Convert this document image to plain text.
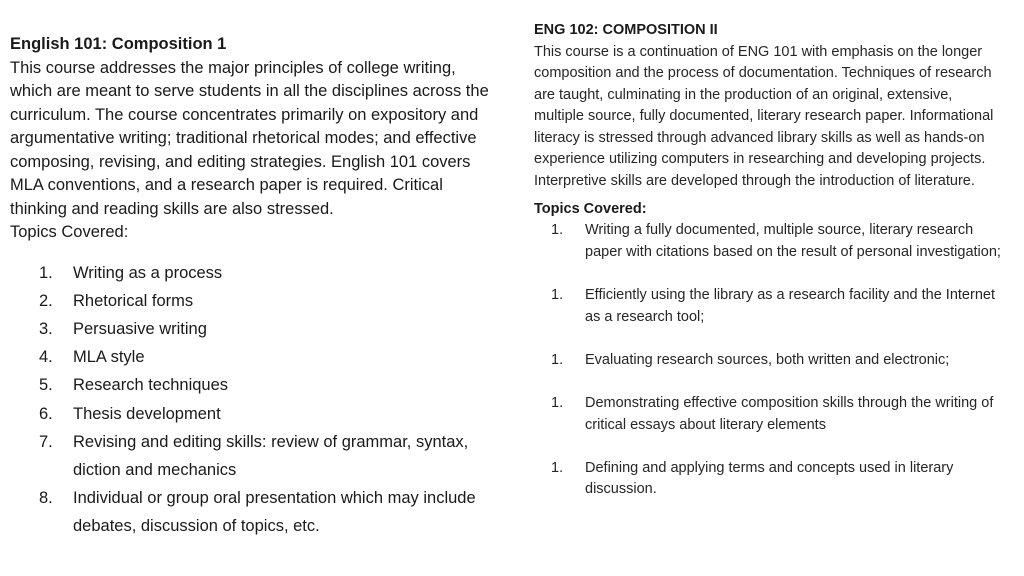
English 101: Composition 1
This course addresses the major principles of college writing, which are meant to serve students in all the disciplines across the curriculum. The course concentrates primarily on expository and argumentative writing; traditional rhetorical modes; and effective composing, revising, and editing strategies. English 101 covers MLA conventions, and a research paper is required. Critical thinking and reading skills are also stressed.
Topics Covered:
1.	Writing as a process
2.	Rhetorical forms
3.	Persuasive writing
4.	MLA style
5.	Research techniques
6.	Thesis development
7.	Revising and editing skills: review of grammar, syntax, diction and mechanics
8.	Individual or group oral presentation which may include debates, discussion of topics, etc.
ENG 102: COMPOSITION II
This course is a continuation of ENG 101 with emphasis on the longer composition and the process of documentation. Techniques of research are taught, culminating in the production of an original, extensive, multiple source, fully documented, literary research paper. Informational literacy is stressed through advanced library skills as well as hands-on experience utilizing computers in researching and developing projects. Interpretive skills are developed through the introduction of literature.
Topics Covered:
1.	Writing a fully documented, multiple source, literary research paper with citations based on the result of personal investigation;
1.	Efficiently using the library as a research facility and the Internet as a research tool;
1.	Evaluating research sources, both written and electronic;
1.	Demonstrating effective composition skills through the writing of critical essays about literary elements
1.	Defining and applying terms and concepts used in literary discussion.
